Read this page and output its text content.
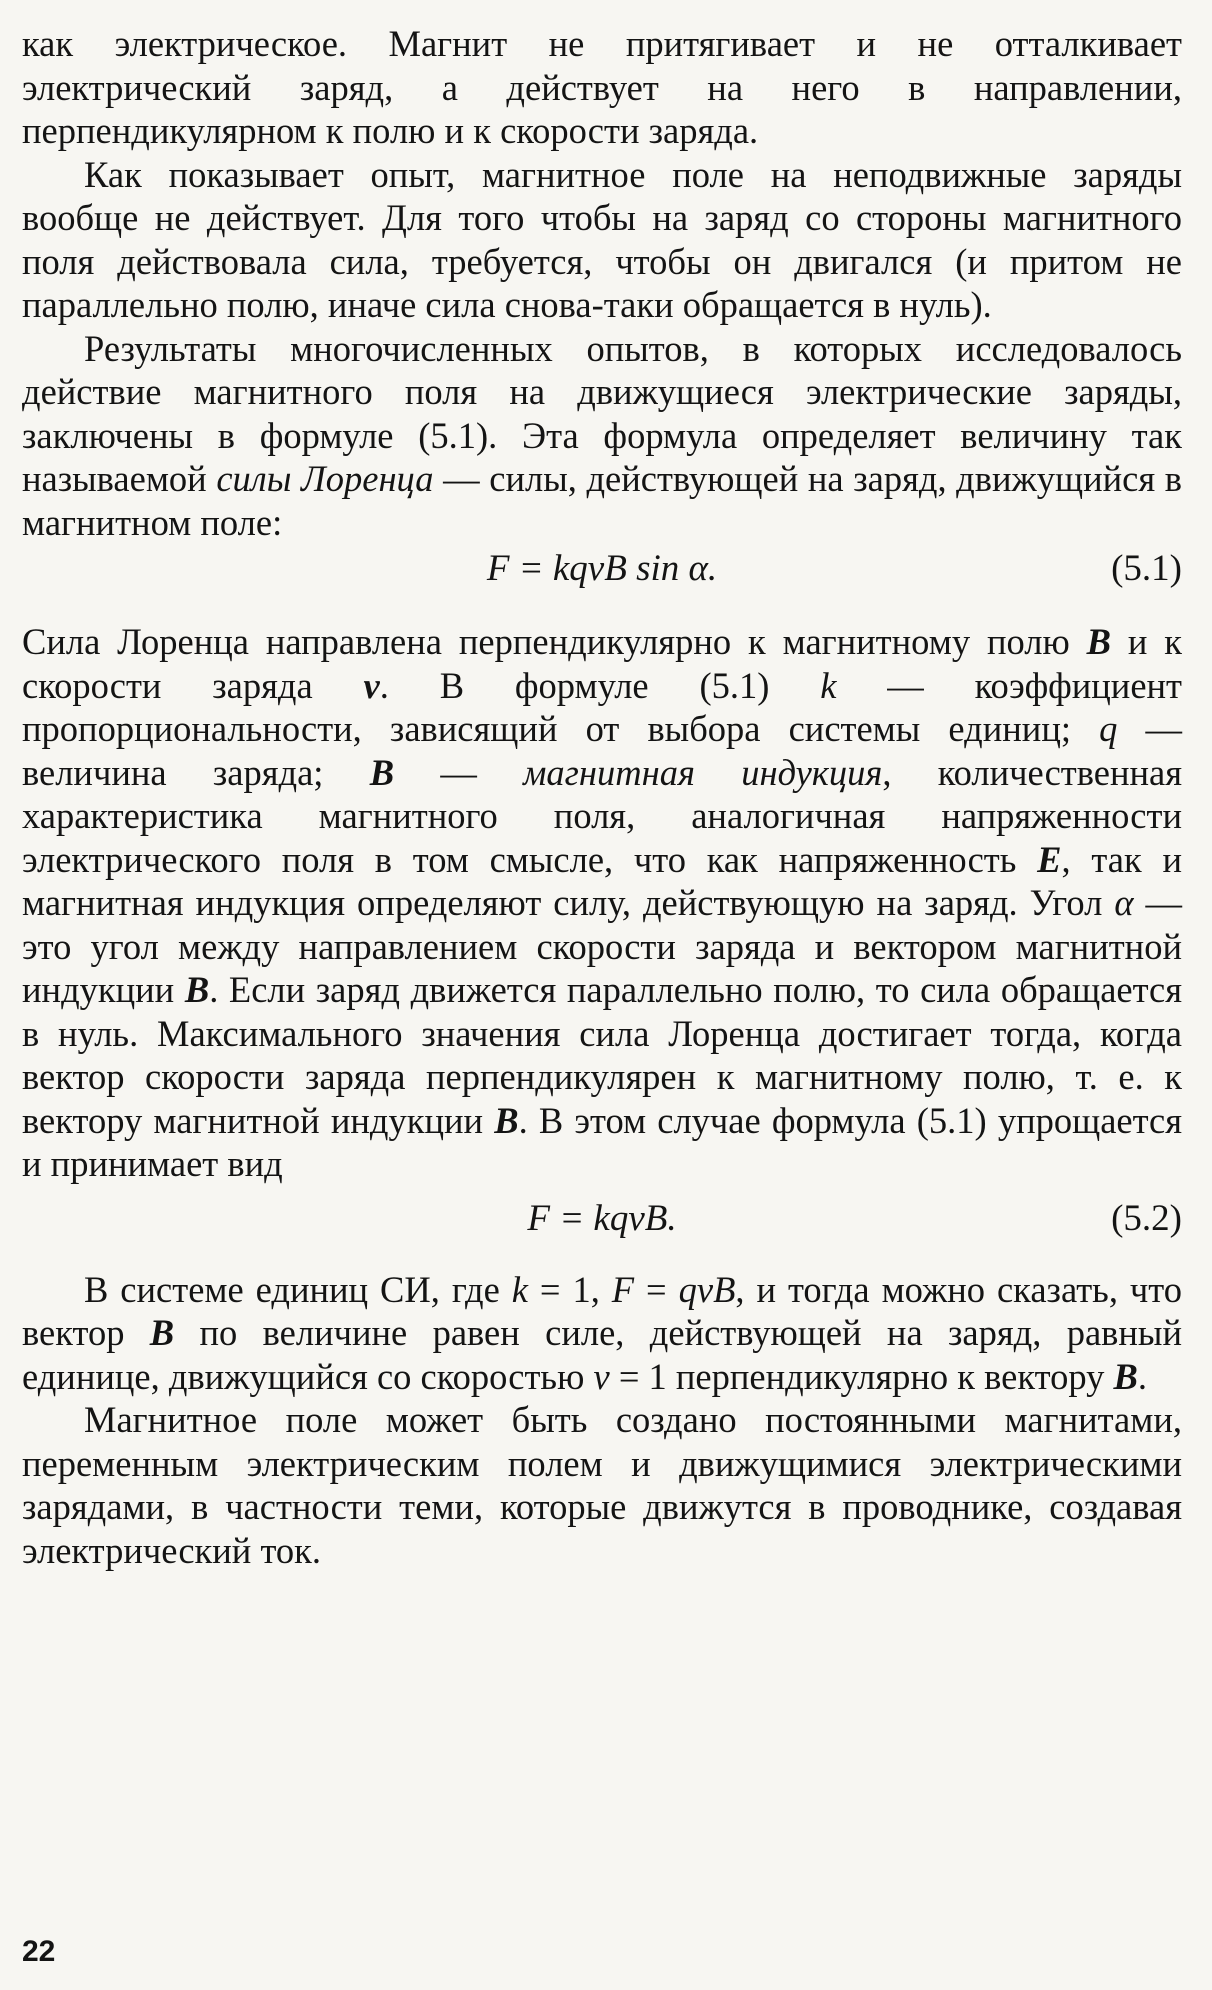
как электрическое. Магнит не притягивает и не отталкивает электрический заряд, а действует на него в направлении, перпендикулярном к полю и к скорости заряда.

Как показывает опыт, магнитное поле на неподвижные заряды вообще не действует. Для того чтобы на заряд со стороны магнитного поля действовала сила, требуется, чтобы он двигался (и притом не параллельно полю, иначе сила снова-таки обращается в нуль).

Результаты многочисленных опытов, в которых исследовалось действие магнитного поля на движущиеся электрические заряды, заключены в формуле (5.1). Эта формула определяет величину так называемой силы Лоренца — силы, действующей на заряд, движущийся в магнитном поле:

F = kqvB sin α.	(5.1)

Сила Лоренца направлена перпендикулярно к магнитному полю B и к скорости заряда v. В формуле (5.1) k — коэффициент пропорциональности, зависящий от выбора системы единиц; q — величина заряда; B — магнитная индукция, количественная характеристика магнитного поля, аналогичная напряженности электрического поля в том смысле, что как напряженность E, так и магнитная индукция определяют силу, действующую на заряд. Угол α — это угол между направлением скорости заряда и вектором магнитной индукции B. Если заряд движется параллельно полю, то сила обращается в нуль. Максимального значения сила Лоренца достигает тогда, когда вектор скорости заряда перпендикулярен к магнитному полю, т. е. к вектору магнитной индукции B. В этом случае формула (5.1) упрощается и принимает вид

F = kqvB.	(5.2)

В системе единиц СИ, где k = 1, F = qvB, и тогда можно сказать, что вектор B по величине равен силе, действующей на заряд, равный единице, движущийся со скоростью v = 1 перпендикулярно к вектору B.

Магнитное поле может быть создано постоянными магнитами, переменным электрическим полем и движущимися электрическими зарядами, в частности теми, которые движутся в проводнике, создавая электрический ток.

22
